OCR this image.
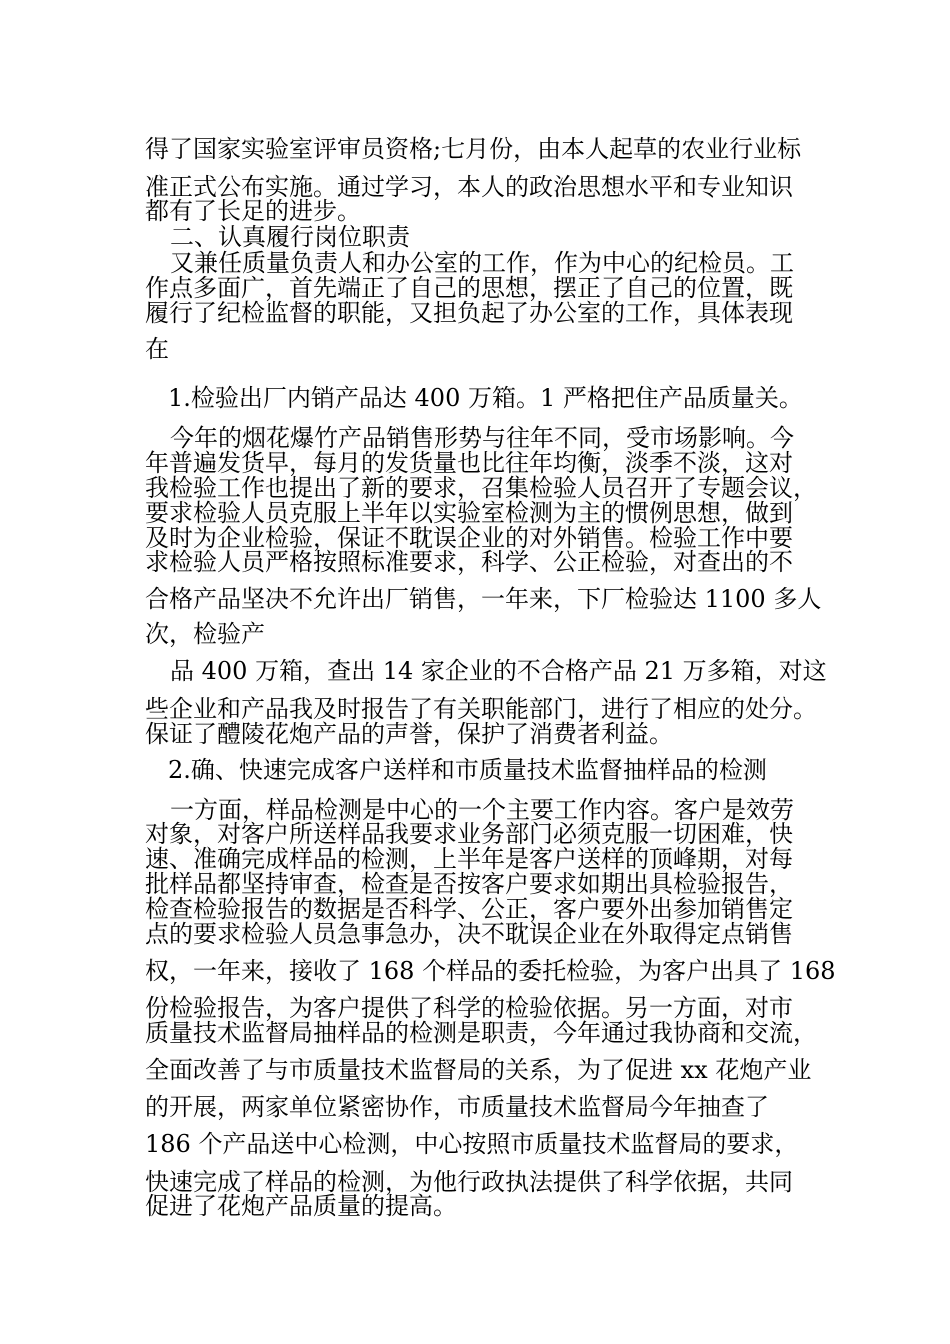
得了国家实验室评审员资格;七月份，由本人起草的农业行业标
准正式公布实施。通过学习，本人的政治思想水平和专业知识
都有了长足的进步。
二、认真履行岗位职责
又兼任质量负责人和办公室的工作，作为中心的纪检员。工
作点多面广，首先端正了自己的思想，摆正了自己的位置，既
履行了纪检监督的职能，又担负起了办公室的工作，具体表现
在
1.检验出厂内销产品达 400 万箱。1 严格把住产品质量关。
今年的烟花爆竹产品销售形势与往年不同，受市场影响。今
年普遍发货早，每月的发货量也比往年均衡，淡季不淡，这对
我检验工作也提出了新的要求，召集检验人员召开了专题会议，
要求检验人员克服上半年以实验室检测为主的惯例思想，做到
及时为企业检验，保证不耽误企业的对外销售。检验工作中要
求检验人员严格按照标准要求，科学、公正检验，对查出的不
合格产品坚决不允许出厂销售，一年来，下厂检验达 1100 多人
次，检验产
品 400 万箱，查出 14 家企业的不合格产品 21 万多箱，对这
些企业和产品我及时报告了有关职能部门，进行了相应的处分。
保证了醴陵花炮产品的声誉，保护了消费者利益。
2.确、快速完成客户送样和市质量技术监督抽样品的检测
一方面，样品检测是中心的一个主要工作内容。客户是效劳
对象，对客户所送样品我要求业务部门必须克服一切困难，快
速、准确完成样品的检测，上半年是客户送样的顶峰期，对每
批样品都坚持审查，检查是否按客户要求如期出具检验报告，
检查检验报告的数据是否科学、公正，客户要外出参加销售定
点的要求检验人员急事急办，决不耽误企业在外取得定点销售
权，一年来，接收了 168 个样品的委托检验，为客户出具了 168
份检验报告，为客户提供了科学的检验依据。另一方面，对市
质量技术监督局抽样品的检测是职责，今年通过我协商和交流，
全面改善了与市质量技术监督局的关系，为了促进 xx 花炮产业
的开展，两家单位紧密协作，市质量技术监督局今年抽查了
186 个产品送中心检测，中心按照市质量技术监督局的要求，
快速完成了样品的检测，为他行政执法提供了科学依据，共同
促进了花炮产品质量的提高。
